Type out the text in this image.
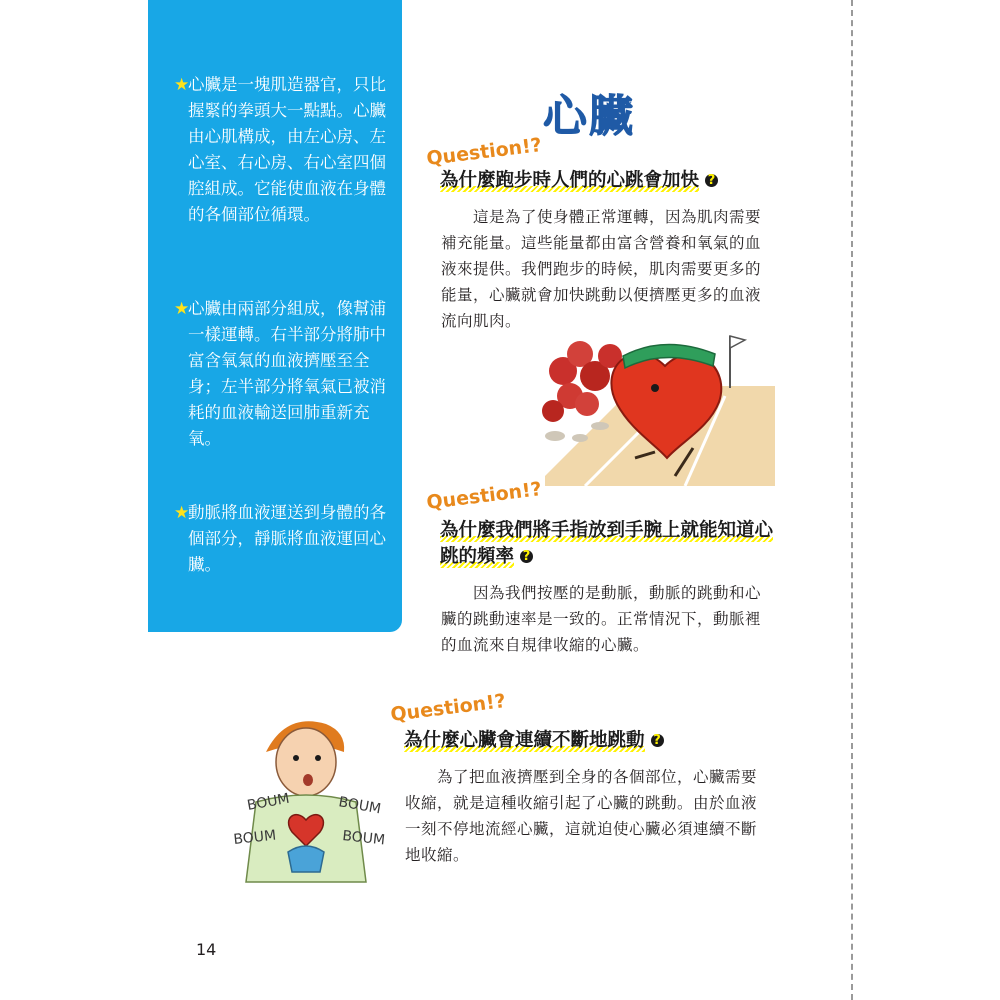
★
心臟是一塊肌造器官，只比握緊的拳頭大一點點。心臟由心肌構成，由左心房、左心室、右心房、右心室四個腔組成。它能使血液在身體的各個部位循環。
★
心臟由兩部分組成，像幫浦一樣運轉。右半部分將肺中富含氧氣的血液擠壓至全身；左半部分將氧氣已被消耗的血液輸送回肺重新充氧。
★
動脈將血液運送到身體的各個部分，靜脈將血液運回心臟。
心臟
Question!?
為什麼跑步時人們的心跳會加快 ?
這是為了使身體正常運轉，因為肌肉需要補充能量。這些能量都由富含營養和氧氣的血液來提供。我們跑步的時候，肌肉需要更多的能量，心臟就會加快跳動以便擠壓更多的血液流向肌肉。
Question!?
為什麼我們將手指放到手腕上就能知道心跳的頻率 ?
因為我們按壓的是動脈，動脈的跳動和心臟的跳動速率是一致的。正常情況下，動脈裡的血流來自規律收縮的心臟。
Question!?
為什麼心臟會連續不斷地跳動 ?
為了把血液擠壓到全身的各個部位，心臟需要收縮，就是這種收縮引起了心臟的跳動。由於血液一刻不停地流經心臟，這就迫使心臟必須連續不斷地收縮。
BOUM	BOUM
BOUM	BOUM
14
